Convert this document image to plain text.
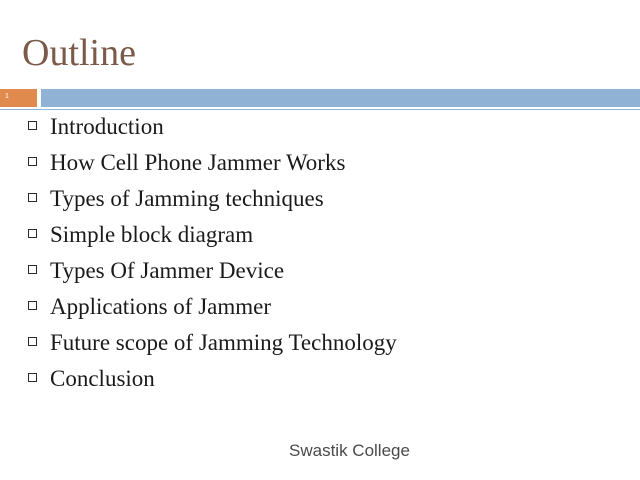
Outline
1
Introduction
How Cell Phone Jammer Works
Types of Jamming techniques
Simple block diagram
Types Of Jammer Device
Applications of Jammer
Future scope of Jamming Technology
Conclusion
Swastik College
